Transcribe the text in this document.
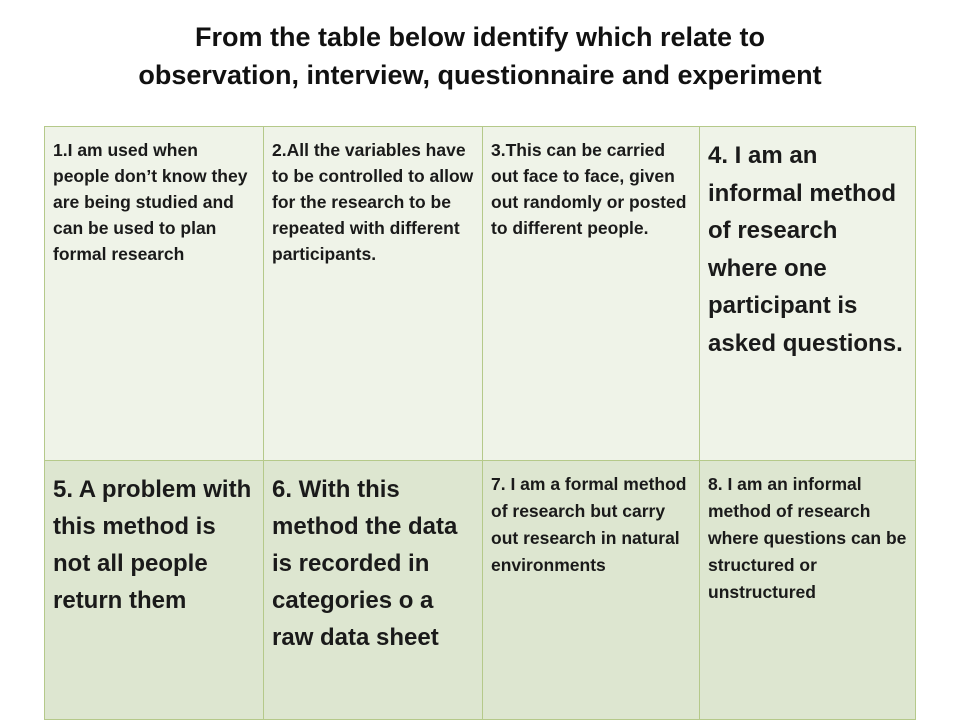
From the table below identify which relate to
observation, interview, questionnaire and experiment
1.I am used when people don’t know they are being studied and can be used to plan formal research	2.All the variables have to be controlled to allow for the research to be repeated with different participants.	3.This can be carried out face to face, given out randomly or posted to different people.	4. I am an informal method of research where one participant is asked questions.
5. A problem with this method is not all people return them	6. With this method the data is recorded in categories o a raw data sheet	7. I am a formal method of research but carry out research in natural environments	8. I am an informal method of research where questions can be structured or unstructured
